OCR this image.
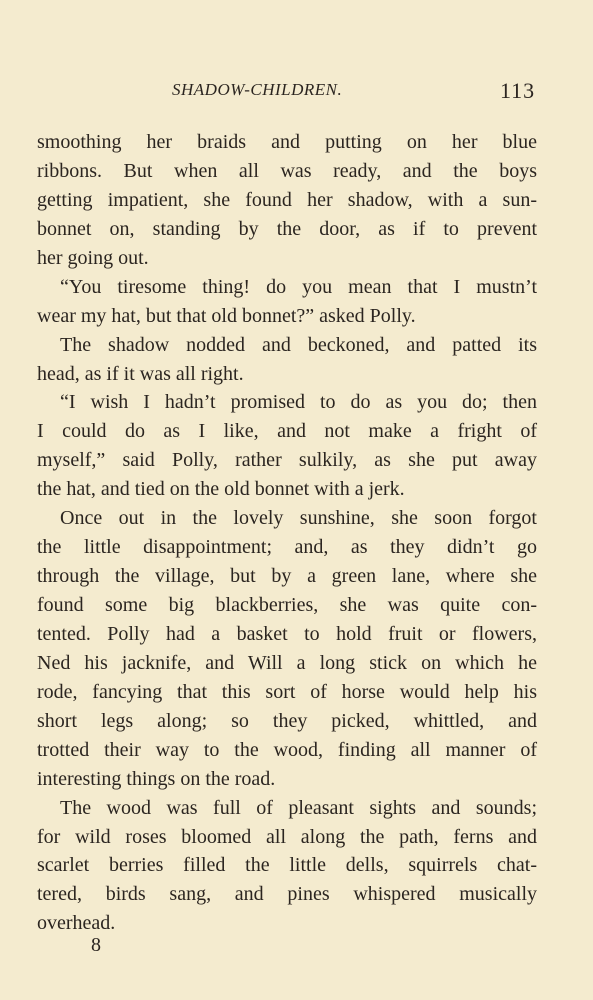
SHADOW-CHILDREN.	113
smoothing her braids and putting on her blue
ribbons. But when all was ready, and the boys
getting impatient, she found her shadow, with a sun-
bonnet on, standing by the door, as if to prevent
her going out.
“You tiresome thing! do you mean that I mustn’t
wear my hat, but that old bonnet?” asked Polly.
The shadow nodded and beckoned, and patted its
head, as if it was all right.
“I wish I hadn’t promised to do as you do; then
I could do as I like, and not make a fright of
myself,” said Polly, rather sulkily, as she put away
the hat, and tied on the old bonnet with a jerk.
Once out in the lovely sunshine, she soon forgot
the little disappointment; and, as they didn’t go
through the village, but by a green lane, where she
found some big blackberries, she was quite con-
tented. Polly had a basket to hold fruit or flowers,
Ned his jacknife, and Will a long stick on which he
rode, fancying that this sort of horse would help his
short legs along; so they picked, whittled, and
trotted their way to the wood, finding all manner of
interesting things on the road.
The wood was full of pleasant sights and sounds;
for wild roses bloomed all along the path, ferns and
scarlet berries filled the little dells, squirrels chat-
tered, birds sang, and pines whispered musically
overhead.
8
